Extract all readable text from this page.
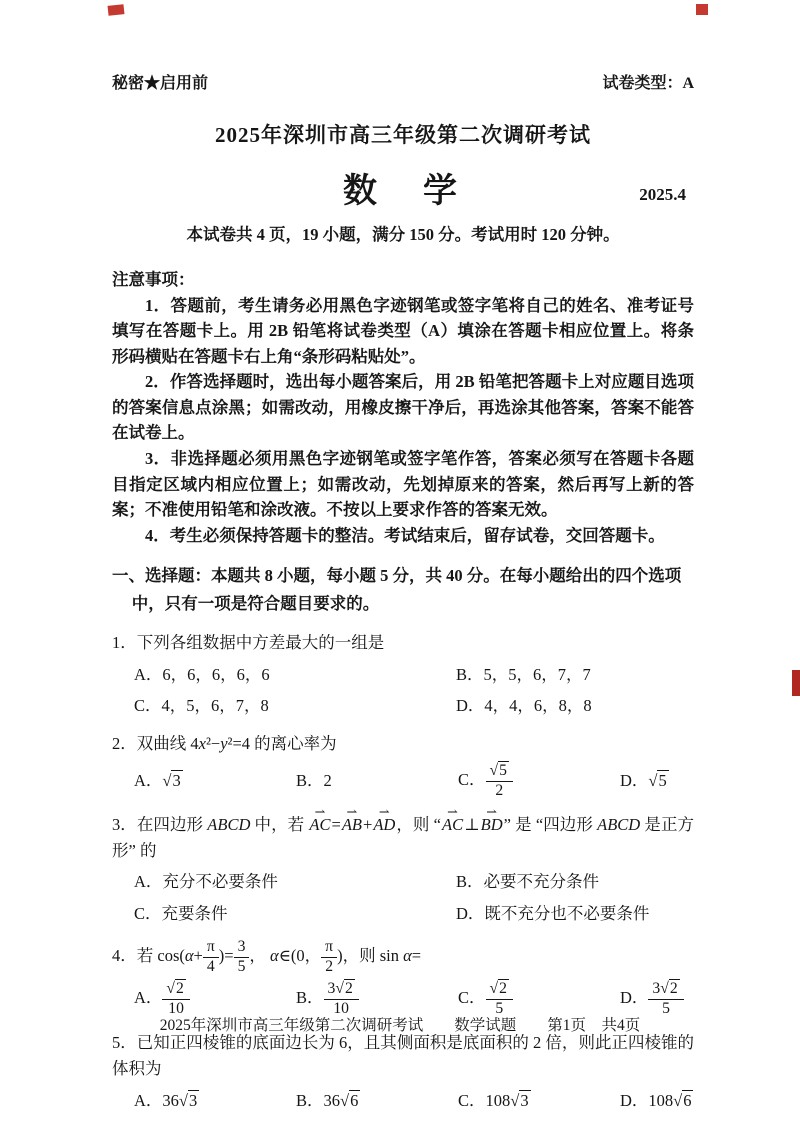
秘密★启用前	试卷类型：A
2025年深圳市高三年级第二次调研考试
数　学	2025.4
本试卷共 4 页，19 小题，满分 150 分。考试用时 120 分钟。
注意事项：

1．答题前，考生请务必用黑色字迹钢笔或签字笔将自己的姓名、准考证号填写在答题卡上。用 2B 铅笔将试卷类型（A）填涂在答题卡相应位置上。将条形码横贴在答题卡右上角“条形码粘贴处”。

2．作答选择题时，选出每小题答案后，用 2B 铅笔把答题卡上对应题目选项的答案信息点涂黑；如需改动，用橡皮擦干净后，再选涂其他答案，答案不能答在试卷上。

3．非选择题必须用黑色字迹钢笔或签字笔作答，答案必须写在答题卡各题目指定区域内相应位置上；如需改动，先划掉原来的答案，然后再写上新的答案；不准使用铅笔和涂改液。不按以上要求作答的答案无效。

4．考生必须保持答题卡的整洁。考试结束后，留存试卷，交回答题卡。

一、选择题：本题共 8 小题，每小题 5 分，共 40 分。在每小题给出的四个选项中，只有一项是符合题目要求的。
1．下列各组数据中方差最大的一组是
A．6，6，6，6，6	B．5，5，6，7，7
C．4，5，6，7，8	D．4，4，6，8，8
2．双曲线 4x²−y²=4 的离心率为
A．√3	B．2	C． $\frac{√5}{2}$	D．√5
3．在四边形 ABCD 中，若 ⇀ AC=⇀ AB+⇀ AD，则 “⇀ AC⊥⇀ BD” 是 “四边形 ABCD 是正方形” 的
A．充分不必要条件	B．必要不充分条件
C．充要条件	D．既不充分也不必要条件
4．若 $\cos(\alpha+ \frac{\pi}{4}$ )= $\frac{3}{5}$ ， α∈(0， $\frac{\pi}{2}$ )，则 sin α=
A． $\frac{√2}{10}$	B． $\frac{3√2}{10}$	C． $\frac{√2}{5}$	D． $\frac{3√2}{5}$
5．已知正四棱锥的底面边长为 6，且其侧面积是底面积的 2 倍，则此正四棱锥的体积为
A．36√3	B．36√6	C．108√3	D．108√6
2025年深圳市高三年级第二次调研考试　　数学试题　　第1页　共4页
